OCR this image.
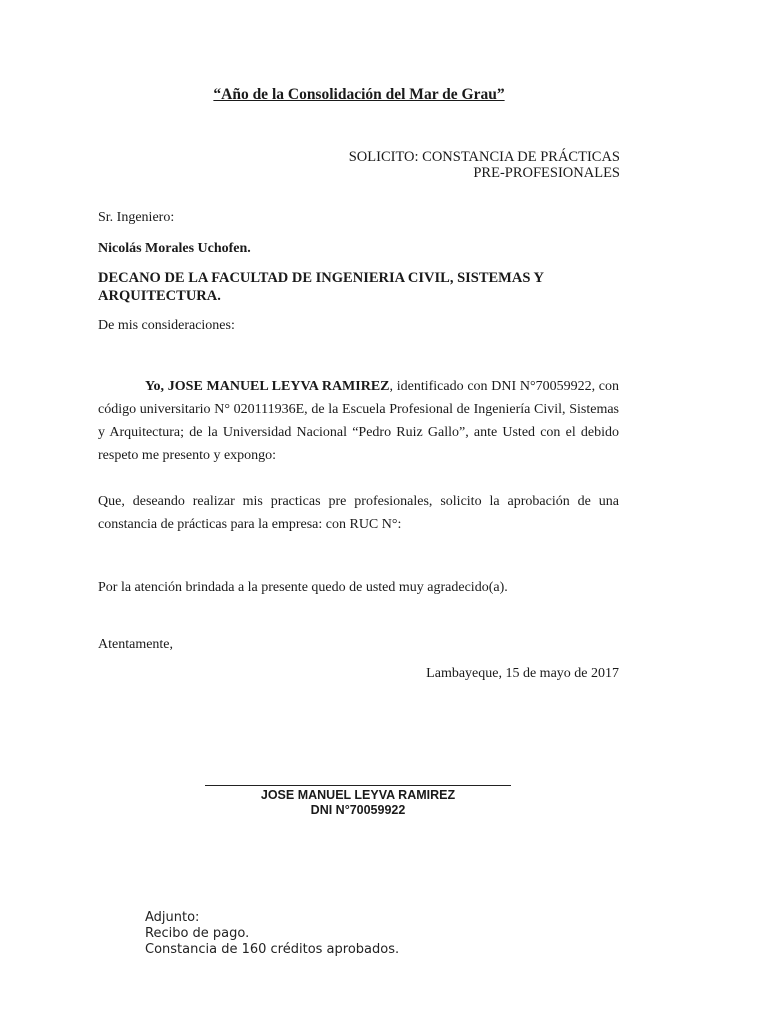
“Año de la Consolidación del Mar de Grau”
SOLICITO: CONSTANCIA DE PRÁCTICAS
PRE-PROFESIONALES
Sr. Ingeniero:
Nicolás Morales Uchofen.
DECANO DE LA FACULTAD DE INGENIERIA CIVIL, SISTEMAS Y
ARQUITECTURA.
De mis consideraciones:
Yo, JOSE MANUEL LEYVA RAMIREZ, identificado con DNI N°70059922, con código universitario N° 020111936E, de la Escuela Profesional de Ingeniería Civil, Sistemas y Arquitectura; de la Universidad Nacional “Pedro Ruiz Gallo”, ante Usted con el debido respeto me presento y expongo:
Que, deseando realizar mis practicas pre profesionales, solicito la aprobación de una constancia de prácticas para la empresa: con RUC N°:
Por la atención brindada a la presente quedo de usted muy agradecido(a).
Atentamente,
Lambayeque, 15 de mayo de 2017
JOSE MANUEL LEYVA RAMIREZ
DNI N°70059922
Adjunto:
Recibo de pago.
Constancia de 160 créditos aprobados.
